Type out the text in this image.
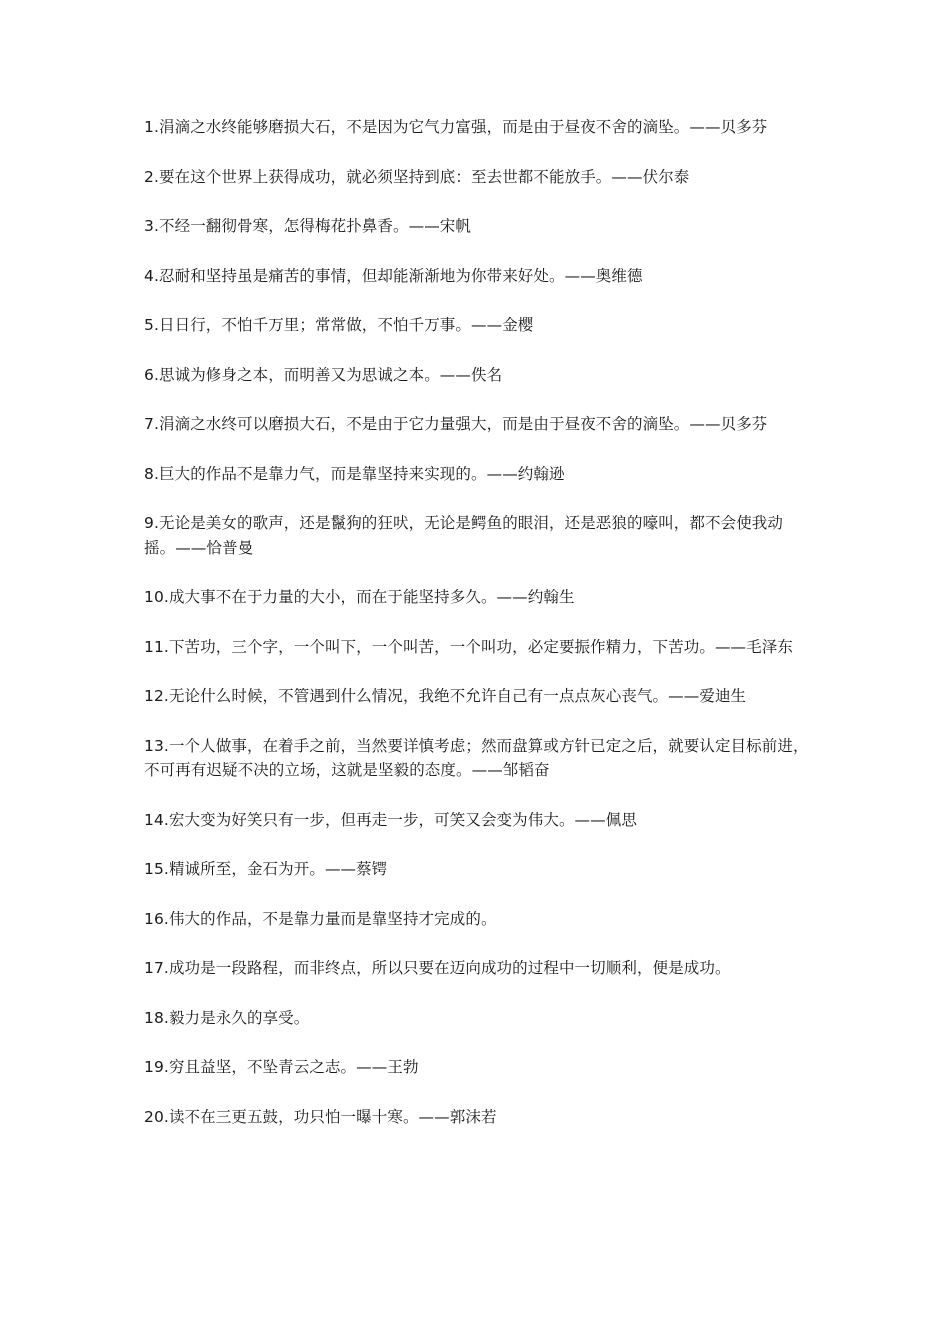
1.涓滴之水终能够磨损大石，不是因为它气力富强，而是由于昼夜不舍的滴坠。——贝多芬
2.要在这个世界上获得成功，就必须坚持到底：至去世都不能放手。——伏尔泰
3.不经一翻彻骨寒，怎得梅花扑鼻香。——宋帆
4.忍耐和坚持虽是痛苦的事情，但却能渐渐地为你带来好处。——奥维德
5.日日行，不怕千万里；常常做，不怕千万事。——金樱
6.思诚为修身之本，而明善又为思诚之本。——佚名
7.涓滴之水终可以磨损大石，不是由于它力量强大，而是由于昼夜不舍的滴坠。——贝多芬
8.巨大的作品不是靠力气，而是靠坚持来实现的。——约翰逊
9.无论是美女的歌声，还是鬣狗的狂吠，无论是鳄鱼的眼泪，还是恶狼的嚎叫，都不会使我动摇。——恰普曼
10.成大事不在于力量的大小，而在于能坚持多久。——约翰生
11.下苦功，三个字，一个叫下，一个叫苦，一个叫功，必定要振作精力，下苦功。——毛泽东
12.无论什么时候，不管遇到什么情况，我绝不允许自己有一点点灰心丧气。——爱迪生
13.一个人做事，在着手之前，当然要详慎考虑；然而盘算或方针已定之后，就要认定目标前进，不可再有迟疑不决的立场，这就是坚毅的态度。——邹韬奋
14.宏大变为好笑只有一步，但再走一步，可笑又会变为伟大。——佩思
15.精诚所至，金石为开。——蔡锷
16.伟大的作品，不是靠力量而是靠坚持才完成的。
17.成功是一段路程，而非终点，所以只要在迈向成功的过程中一切顺利，便是成功。
18.毅力是永久的享受。
19.穷且益坚，不坠青云之志。——王勃
20.读不在三更五鼓，功只怕一曝十寒。——郭沫若
